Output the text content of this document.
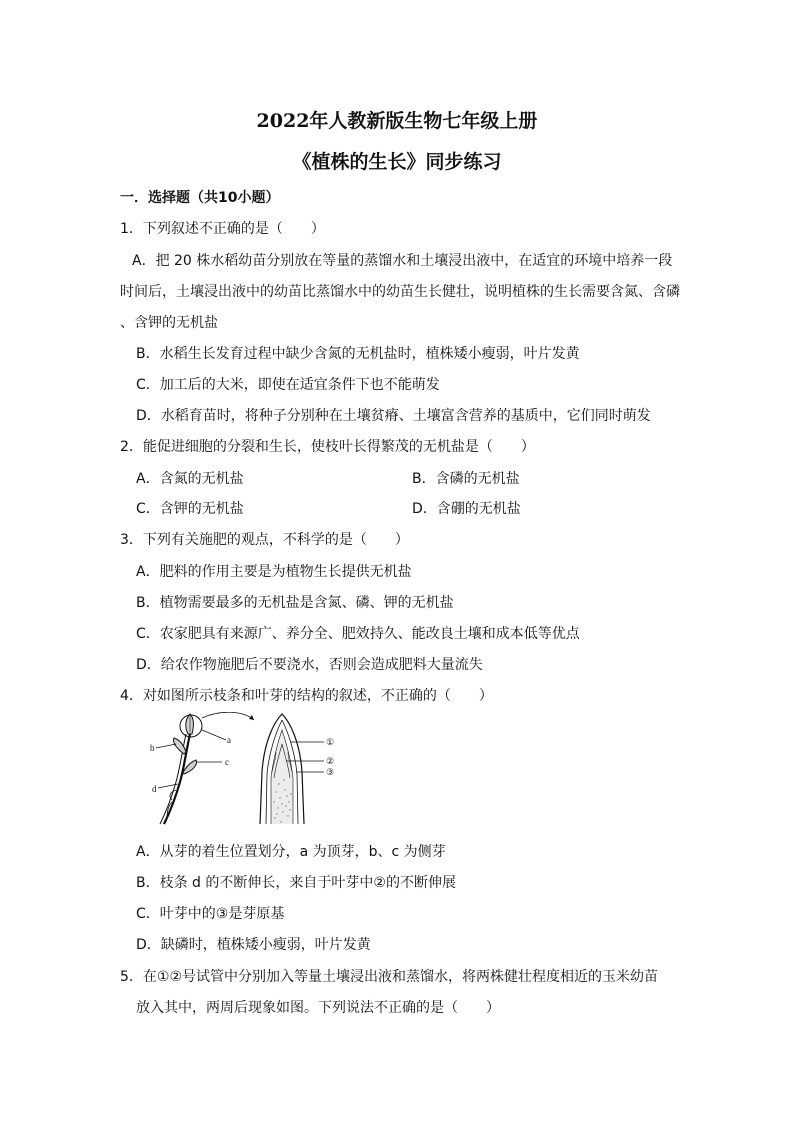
2022年人教新版生物七年级上册
《植株的生长》同步练习
一．选择题（共10小题）
1．下列叙述不正确的是（　　）
A．把 20 株水稻幼苗分别放在等量的蒸馏水和土壤浸出液中，在适宜的环境中培养一段
时间后，土壤浸出液中的幼苗比蒸馏水中的幼苗生长健壮，说明植株的生长需要含氮、含磷
、含钾的无机盐
B．水稻生长发育过程中缺少含氮的无机盐时，植株矮小瘦弱，叶片发黄
C．加工后的大米，即使在适宜条件下也不能萌发
D．水稻育苗时，将种子分别种在土壤贫瘠、土壤富含营养的基质中，它们同时萌发
2．能促进细胞的分裂和生长，使枝叶长得繁茂的无机盐是（　　）
A．含氮的无机盐	B．含磷的无机盐
C．含钾的无机盐	D．含硼的无机盐
3．下列有关施肥的观点，不科学的是（　　）
A．肥料的作用主要是为植物生长提供无机盐
B．植物需要最多的无机盐是含氮、磷、钾的无机盐
C．农家肥具有来源广、养分全、肥效持久、能改良土壤和成本低等优点
D．给农作物施肥后不要浇水，否则会造成肥料大量流失
4．对如图所示枝条和叶芽的结构的叙述，不正确的（　　）
b
a
c
d
①
②
③
A．从芽的着生位置划分，a 为顶芽，b、c 为侧芽
B．枝条 d 的不断伸长，来自于叶芽中②的不断伸展
C．叶芽中的③是芽原基
D．缺磷时，植株矮小瘦弱，叶片发黄
5．在①②号试管中分别加入等量土壤浸出液和蒸馏水，将两株健壮程度相近的玉米幼苗
放入其中，两周后现象如图。下列说法不正确的是（　　）
